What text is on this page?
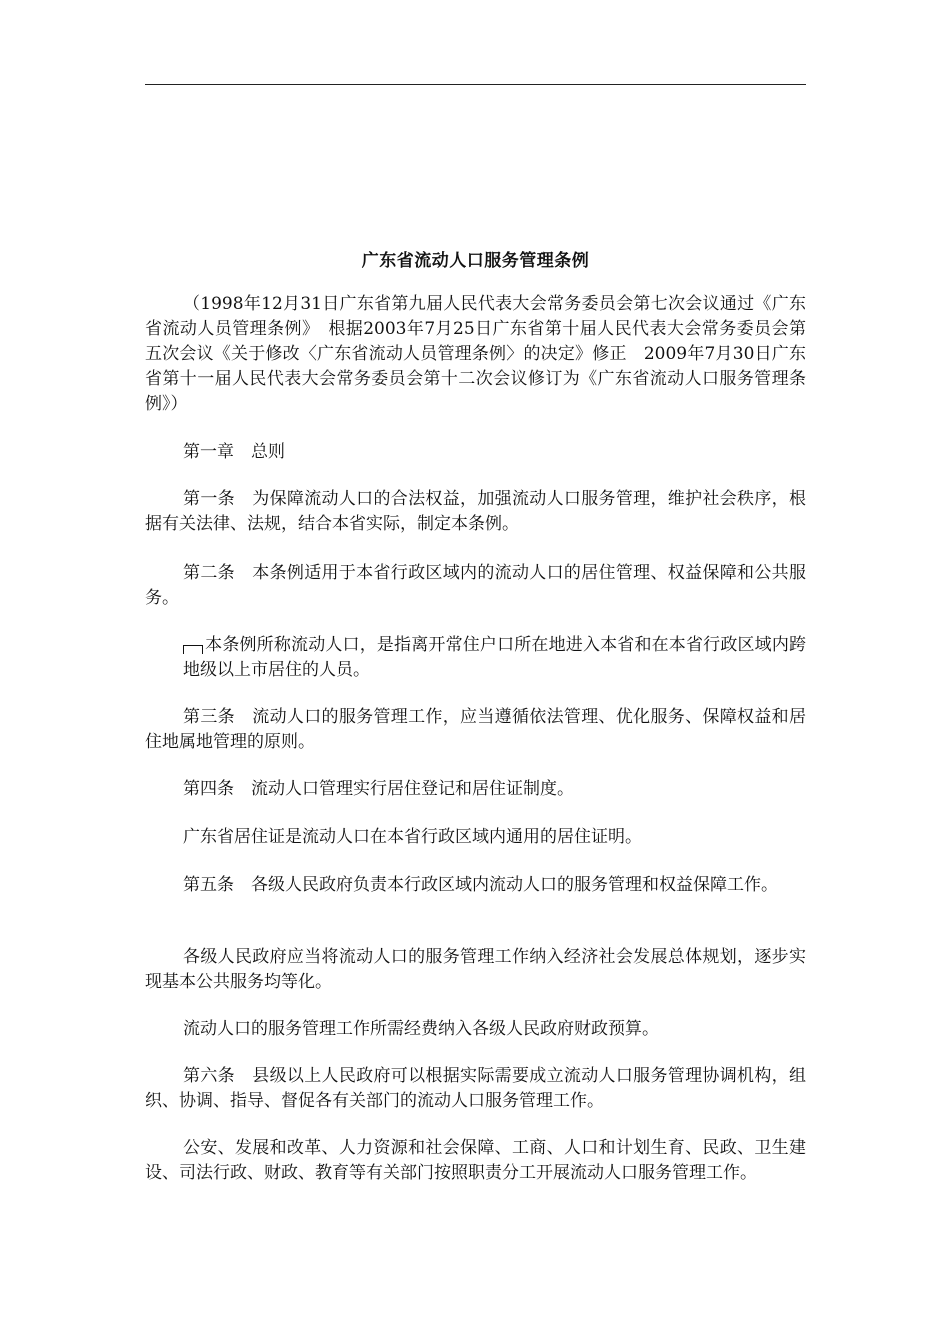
广东省流动人口服务管理条例
（1998年12月31日广东省第九届人民代表大会常务委员会第七次会议通过《广东省流动人员管理条例》　根据2003年7月25日广东省第十届人民代表大会常务委员会第五次会议《关于修改〈广东省流动人员管理条例〉的决定》修正　2009年7月30日广东省第十一届人民代表大会常务委员会第十二次会议修订为《广东省流动人口服务管理条例》）
第一章　总则
第一条　为保障流动人口的合法权益，加强流动人口服务管理，维护社会秩序，根据有关法律、法规，结合本省实际，制定本条例。
第二条　本条例适用于本省行政区域内的流动人口的居住管理、权益保障和公共服务。
本条例所称流动人口，是指离开常住户口所在地进入本省和在本省行政区域内跨地级以上市居住的人员。
第三条　流动人口的服务管理工作，应当遵循依法管理、优化服务、保障权益和居住地属地管理的原则。
第四条　流动人口管理实行居住登记和居住证制度。
广东省居住证是流动人口在本省行政区域内通用的居住证明。
第五条　各级人民政府负责本行政区域内流动人口的服务管理和权益保障工作。
各级人民政府应当将流动人口的服务管理工作纳入经济社会发展总体规划，逐步实现基本公共服务均等化。
流动人口的服务管理工作所需经费纳入各级人民政府财政预算。
第六条　县级以上人民政府可以根据实际需要成立流动人口服务管理协调机构，组织、协调、指导、督促各有关部门的流动人口服务管理工作。
公安、发展和改革、人力资源和社会保障、工商、人口和计划生育、民政、卫生建设、司法行政、财政、教育等有关部门按照职责分工开展流动人口服务管理工作。
